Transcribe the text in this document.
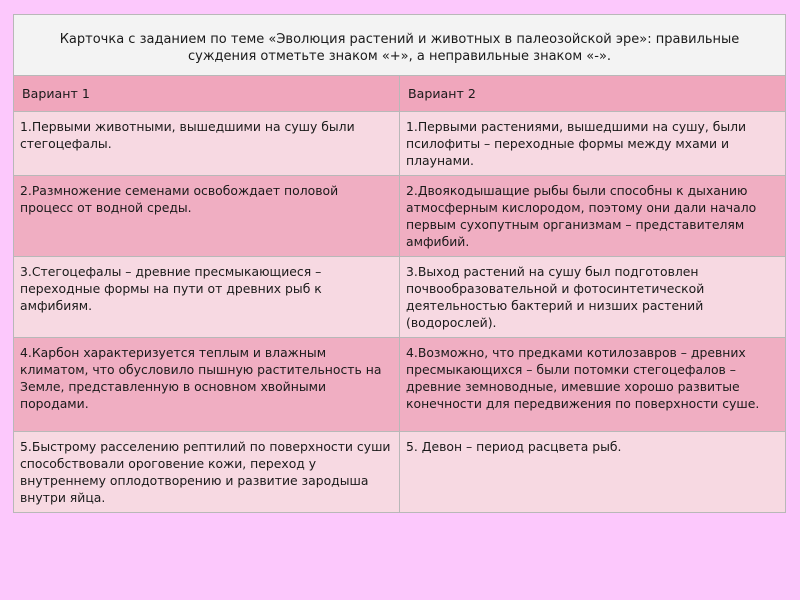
Карточка с заданием по теме «Эволюция растений и животных в палеозойской эре»: правильные суждения отметьте знаком «+», а неправильные знаком «-».	
Вариант 1	Вариант 2
1.Первыми животными, вышедшими на сушу были стегоцефалы.	1.Первыми растениями, вышедшими на сушу, были псилофиты – переходные формы между мхами и плаунами.
2.Размножение семенами освобождает половой процесс от водной среды.	2.Двоякодышащие рыбы были способны к дыханию атмосферным кислородом, поэтому они дали начало первым сухопутным организмам – представителям амфибий.
3.Стегоцефалы – древние пресмыкающиеся – переходные формы на пути от древних рыб к амфибиям.	3.Выход растений на сушу был подготовлен почвообразовательной и фотосинтетической деятельностью бактерий и низших растений (водорослей).
4.Карбон характеризуется теплым и влажным климатом, что обусловило пышную растительность на Земле, представленную в основном хвойными породами.	4.Возможно, что предками котилозавров – древних пресмыкающихся – были потомки стегоцефалов – древние земноводные, имевшие хорошо развитые конечности для передвижения по поверхности суше.
5.Быстрому расселению рептилий по поверхности суши способствовали ороговение кожи, переход у внутреннему оплодотворению и развитие зародыша внутри яйца.	5. Девон – период расцвета рыб.
